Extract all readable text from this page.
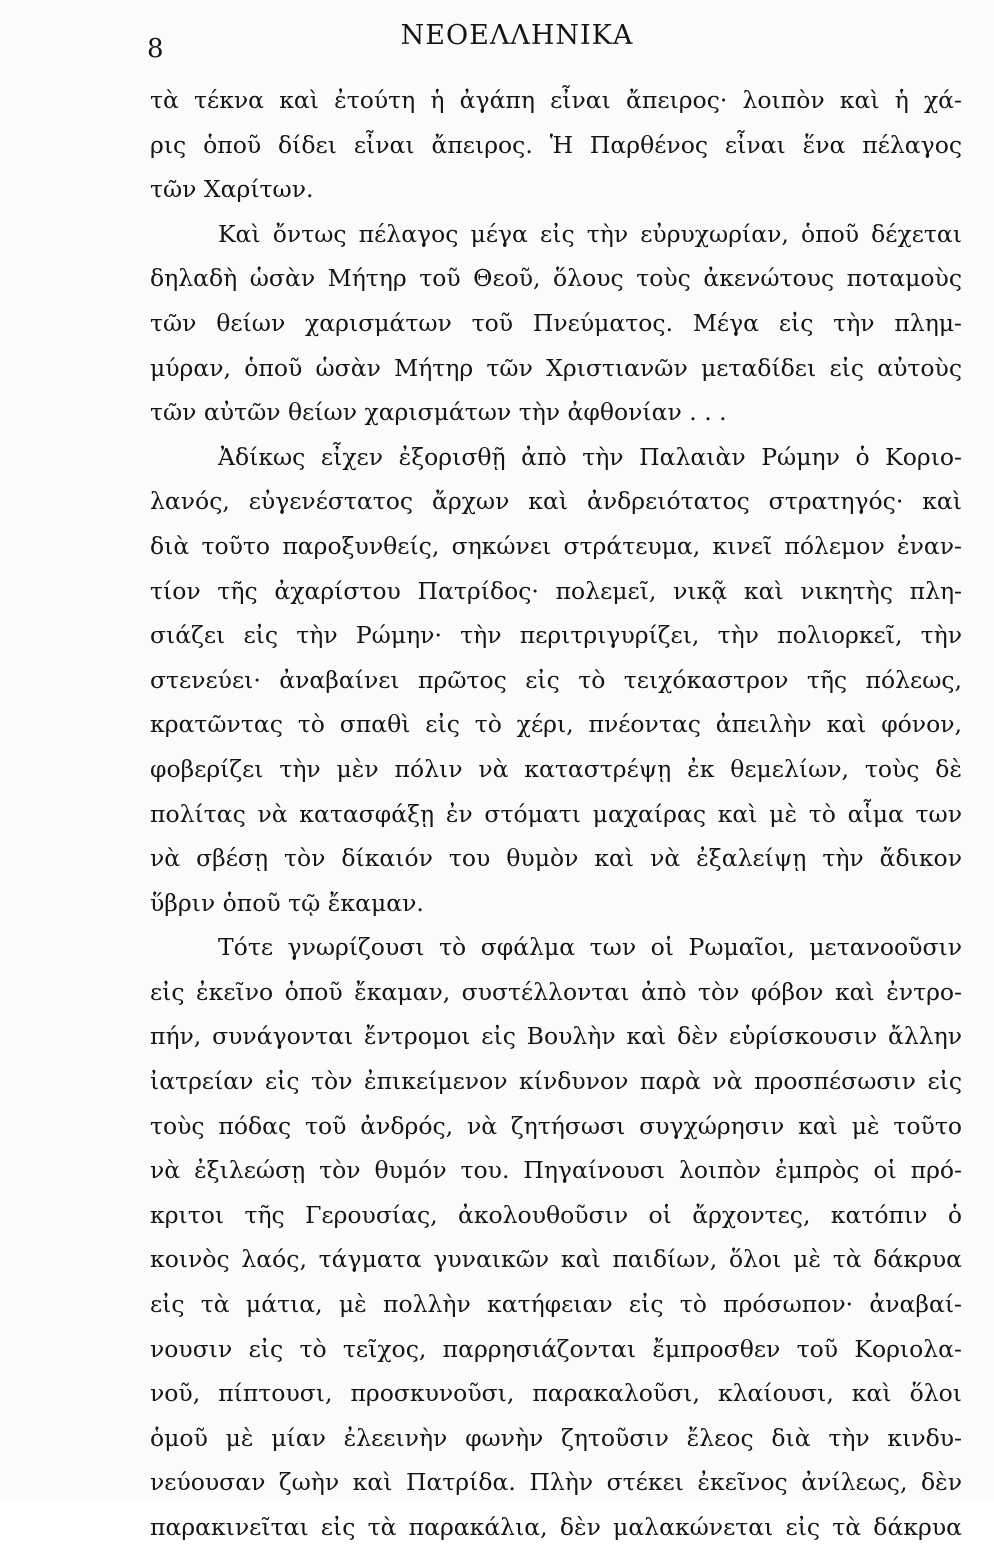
8	ΝΕΟΕΛΛΗΝΙΚΑ
τὰ τέκνα καὶ ἐτούτη ἡ ἀγάπη εἶναι ἄπειρος· λοιπὸν καὶ ἡ χά-
ρις ὁποῦ δίδει εἶναι ἄπειρος. Ἡ Παρθένος εἶναι ἕνα πέλαγος
τῶν Χαρίτων.
Καὶ ὄντως πέλαγος μέγα εἰς τὴν εὐρυχωρίαν, ὁποῦ δέχεται
δηλαδὴ ὡσὰν Μήτηρ τοῦ Θεοῦ, ὅλους τοὺς ἀκενώτους ποταμοὺς
τῶν θείων χαρισμάτων τοῦ Πνεύματος. Μέγα εἰς τὴν πλημ-
μύραν, ὁποῦ ὡσὰν Μήτηρ τῶν Χριστιανῶν μεταδίδει εἰς αὐτοὺς
τῶν αὐτῶν θείων χαρισμάτων τὴν ἀφθονίαν . . .
Ἀδίκως εἶχεν ἐξορισθῇ ἀπὸ τὴν Παλαιὰν Ρώμην ὁ Κοριο-
λανός, εὐγενέστατος ἄρχων καὶ ἀνδρειότατος στρατηγός· καὶ
διὰ τοῦτο παροξυνθείς, σηκώνει στράτευμα, κινεῖ πόλεμον ἐναν-
τίον τῆς ἀχαρίστου Πατρίδος· πολεμεῖ, νικᾷ καὶ νικητὴς πλη-
σιάζει εἰς τὴν Ρώμην· τὴν περιτριγυρίζει, τὴν πολιορκεῖ, τὴν
στενεύει· ἀναβαίνει πρῶτος εἰς τὸ τειχόκαστρον τῆς πόλεως,
κρατῶντας τὸ σπαθὶ εἰς τὸ χέρι, πνέοντας ἀπειλὴν καὶ φόνον,
φοβερίζει τὴν μὲν πόλιν νὰ καταστρέψῃ ἐκ θεμελίων, τοὺς δὲ
πολίτας νὰ κατασφάξῃ ἐν στόματι μαχαίρας καὶ μὲ τὸ αἷμα των
νὰ σβέσῃ τὸν δίκαιόν του θυμὸν καὶ νὰ ἐξαλείψῃ τὴν ἄδικον
ὕβριν ὁποῦ τῷ ἔκαμαν.
Τότε γνωρίζουσι τὸ σφάλμα των οἱ Ρωμαῖοι, μετανοοῦσιν
εἰς ἐκεῖνο ὁποῦ ἔκαμαν, συστέλλονται ἀπὸ τὸν φόβον καὶ ἐντρο-
πήν, συνάγονται ἔντρομοι εἰς Βουλὴν καὶ δὲν εὑρίσκουσιν ἄλλην
ἰατρείαν εἰς τὸν ἐπικείμενον κίνδυνον παρὰ νὰ προσπέσωσιν εἰς
τοὺς πόδας τοῦ ἀνδρός, νὰ ζητήσωσι συγχώρησιν καὶ μὲ τοῦτο
νὰ ἐξιλεώσῃ τὸν θυμόν του. Πηγαίνουσι λοιπὸν ἐμπρὸς οἱ πρό-
κριτοι τῆς Γερουσίας, ἀκολουθοῦσιν οἱ ἄρχοντες, κατόπιν ὁ
κοινὸς λαός, τάγματα γυναικῶν καὶ παιδίων, ὅλοι μὲ τὰ δάκρυα
εἰς τὰ μάτια, μὲ πολλὴν κατήφειαν εἰς τὸ πρόσωπον· ἀναβαί-
νουσιν εἰς τὸ τεῖχος, παρρησιάζονται ἔμπροσθεν τοῦ Κοριολα-
νοῦ, πίπτουσι, προσκυνοῦσι, παρακαλοῦσι, κλαίουσι, καὶ ὅλοι
ὁμοῦ μὲ μίαν ἐλεεινὴν φωνὴν ζητοῦσιν ἔλεος διὰ τὴν κινδυ-
νεύουσαν ζωὴν καὶ Πατρίδα. Πλὴν στέκει ἐκεῖνος ἀνίλεως, δὲν
παρακινεῖται εἰς τὰ παρακάλια, δὲν μαλακώνεται εἰς τὰ δάκρυα
